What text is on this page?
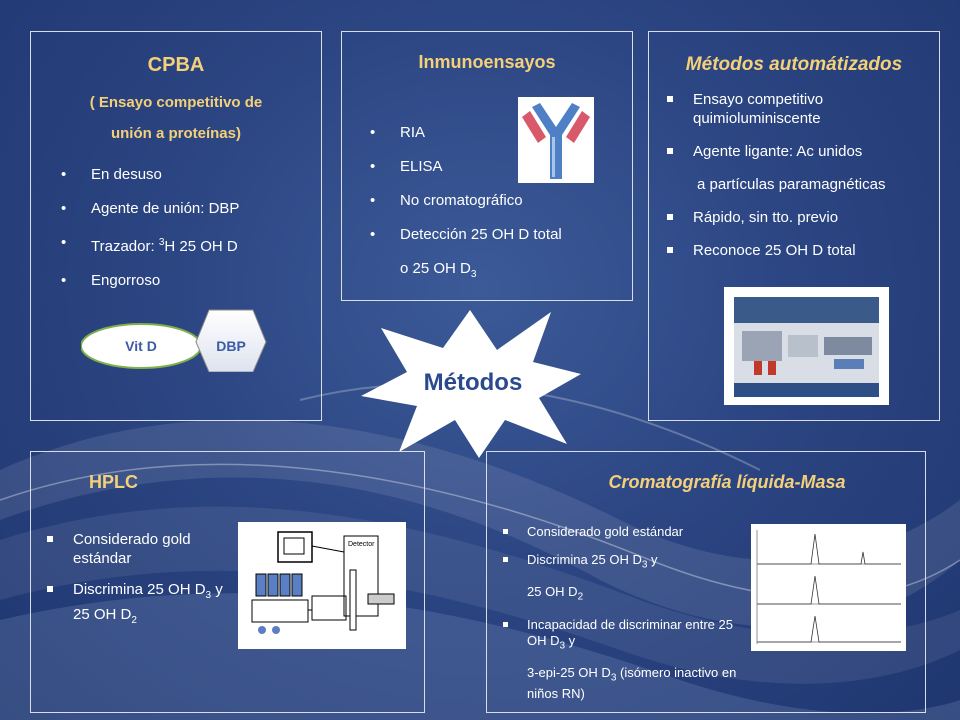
CPBA
( Ensayo competitivo de
unión a proteínas)
• En desuso
• Agente de unión: DBP
• Trazador: $^3$H 25 OH D
• Engorroso
Vit D	DBP
Inmunoensayos
• RIA
• ELISA
• No cromatográfico
• Detección 25 OH D total
o 25 OH $D_3$
Métodos automátizados
Ensayo competitivo quimioluminiscente
Agente ligante: Ac unidos
a partículas paramagnéticas
Rápido, sin tto. previo
Reconoce 25 OH D total
Métodos
HPLC
Considerado gold estándar
Discrimina 25 OH $D_3$ y 25 OH $D_2$
Detector
Cromatografía líquida-Masa
Considerado gold estándar
Discrimina 25 OH $D_3$ y
25 OH $D_2$
Incapacidad de discriminar entre 25 OH $D_3$ y
3-epi-25 OH $D_3$ (isómero inactivo en niños RN)
